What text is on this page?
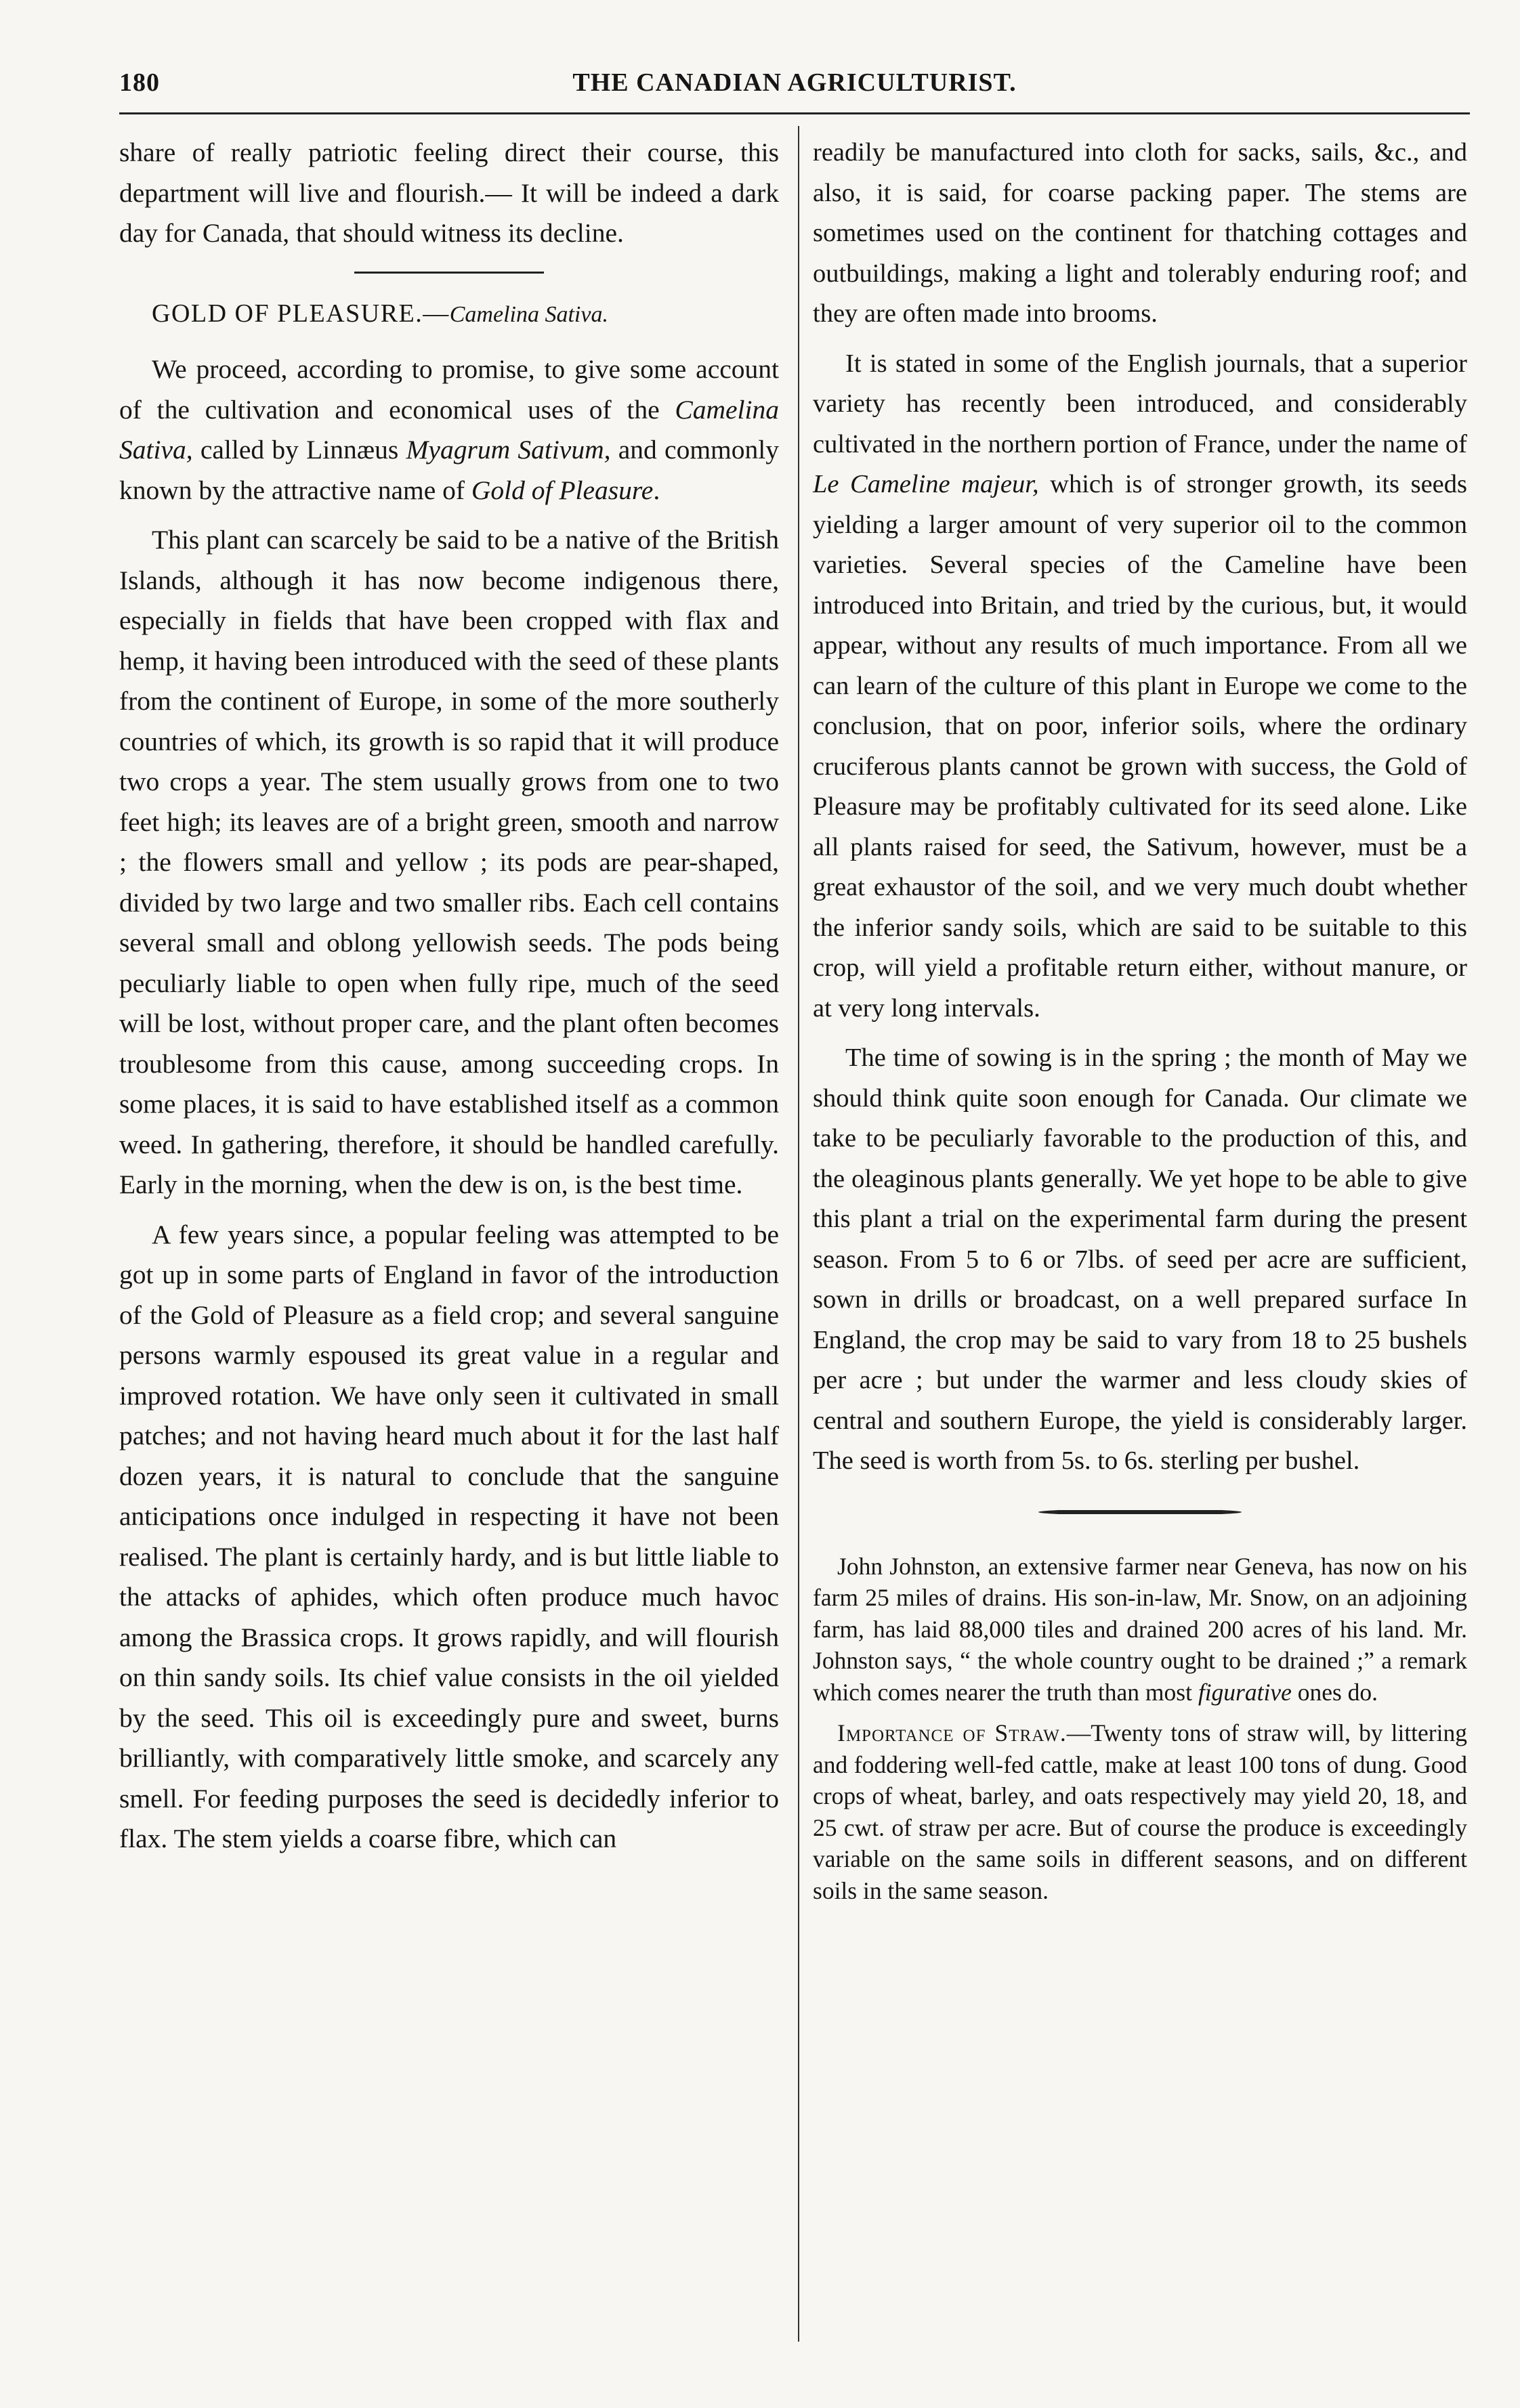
180	THE CANADIAN AGRICULTURIST.

share of really patriotic feeling direct their course, this department will live and flourish.— It will be indeed a dark day for Canada, that should witness its decline.

GOLD OF PLEASURE.—Camelina Sativa.

We proceed, according to promise, to give some account of the cultivation and economical uses of the Camelina Sativa, called by Linnæus Myagrum Sativum, and commonly known by the attractive name of Gold of Pleasure.

This plant can scarcely be said to be a native of the British Islands, although it has now become indigenous there, especially in fields that have been cropped with flax and hemp, it having been introduced with the seed of these plants from the continent of Europe, in some of the more southerly countries of which, its growth is so rapid that it will produce two crops a year. The stem usually grows from one to two feet high; its leaves are of a bright green, smooth and narrow ; the flowers small and yellow ; its pods are pear-shaped, divided by two large and two smaller ribs. Each cell contains several small and oblong yellowish seeds. The pods being peculiarly liable to open when fully ripe, much of the seed will be lost, without proper care, and the plant often becomes troublesome from this cause, among succeeding crops. In some places, it is said to have established itself as a common weed. In gathering, therefore, it should be handled carefully. Early in the morning, when the dew is on, is the best time.

A few years since, a popular feeling was attempted to be got up in some parts of England in favor of the introduction of the Gold of Pleasure as a field crop; and several sanguine persons warmly espoused its great value in a regular and improved rotation. We have only seen it cultivated in small patches; and not having heard much about it for the last half dozen years, it is natural to conclude that the sanguine anticipations once indulged in respecting it have not been realised. The plant is certainly hardy, and is but little liable to the attacks of aphides, which often produce much havoc among the Brassica crops. It grows rapidly, and will flourish on thin sandy soils. Its chief value consists in the oil yielded by the seed. This oil is exceedingly pure and sweet, burns brilliantly, with comparatively little smoke, and scarcely any smell. For feeding purposes the seed is decidedly inferior to flax. The stem yields a coarse fibre, which can

readily be manufactured into cloth for sacks, sails, &c., and also, it is said, for coarse packing paper. The stems are sometimes used on the continent for thatching cottages and outbuildings, making a light and tolerably enduring roof; and they are often made into brooms.

It is stated in some of the English journals, that a superior variety has recently been introduced, and considerably cultivated in the northern portion of France, under the name of Le Cameline majeur, which is of stronger growth, its seeds yielding a larger amount of very superior oil to the common varieties. Several species of the Cameline have been introduced into Britain, and tried by the curious, but, it would appear, without any results of much importance. From all we can learn of the culture of this plant in Europe we come to the conclusion, that on poor, inferior soils, where the ordinary cruciferous plants cannot be grown with success, the Gold of Pleasure may be profitably cultivated for its seed alone. Like all plants raised for seed, the Sativum, however, must be a great exhaustor of the soil, and we very much doubt whether the inferior sandy soils, which are said to be suitable to this crop, will yield a profitable return either, without manure, or at very long intervals.

The time of sowing is in the spring ; the month of May we should think quite soon enough for Canada. Our climate we take to be peculiarly favorable to the production of this, and the oleaginous plants generally. We yet hope to be able to give this plant a trial on the experimental farm during the present season. From 5 to 6 or 7lbs. of seed per acre are sufficient, sown in drills or broadcast, on a well prepared surface In England, the crop may be said to vary from 18 to 25 bushels per acre ; but under the warmer and less cloudy skies of central and southern Europe, the yield is considerably larger. The seed is worth from 5s. to 6s. sterling per bushel.

John Johnston, an extensive farmer near Geneva, has now on his farm 25 miles of drains. His son-in-law, Mr. Snow, on an adjoining farm, has laid 88,000 tiles and drained 200 acres of his land. Mr. Johnston says, “ the whole country ought to be drained ;” a remark which comes nearer the truth than most figurative ones do.

Importance of Straw.—Twenty tons of straw will, by littering and foddering well-fed cattle, make at least 100 tons of dung. Good crops of wheat, barley, and oats respectively may yield 20, 18, and 25 cwt. of straw per acre. But of course the produce is exceedingly variable on the same soils in different seasons, and on different soils in the same season.
